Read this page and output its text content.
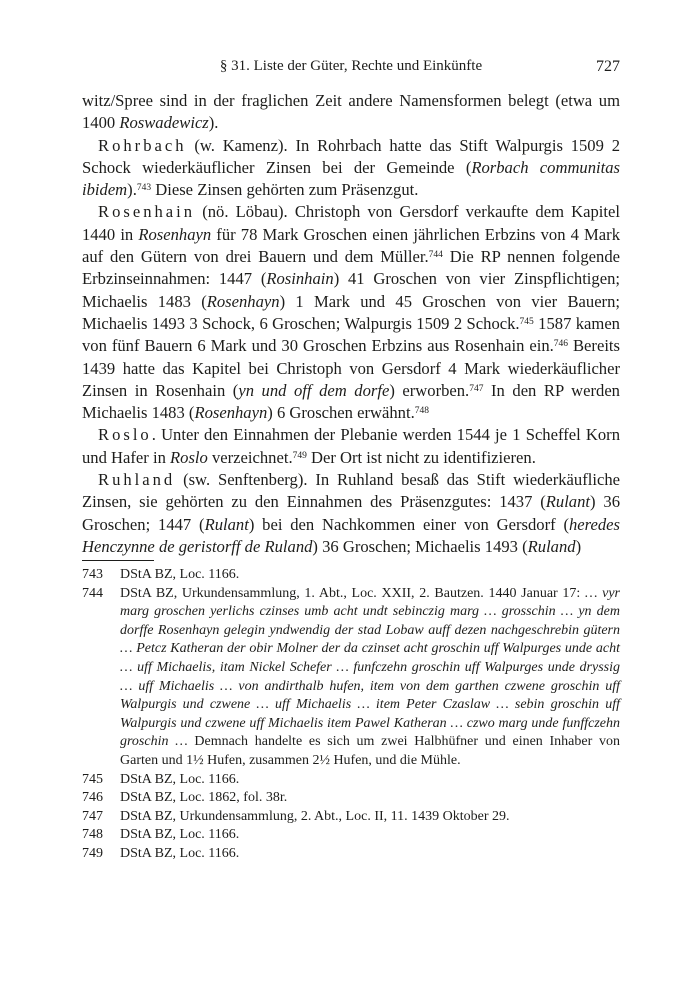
§ 31. Liste der Güter, Rechte und Einkünfte	727

witz/Spree sind in der fraglichen Zeit andere Namensformen belegt (etwa um 1400 Roswadewicz).

Rohrbach (w. Kamenz). In Rohrbach hatte das Stift Walpurgis 1509 2 Schock wiederkäuflicher Zinsen bei der Gemeinde (Rorbach communitas ibidem).$^{743}$ Diese Zinsen gehörten zum Präsenzgut.

Rosenhain (nö. Löbau). Christoph von Gersdorf verkaufte dem Kapitel 1440 in Rosenhayn für 78 Mark Groschen einen jährlichen Erbzins von 4 Mark auf den Gütern von drei Bauern und dem Müller.$^{744}$ Die RP nennen folgende Erbzinseinnahmen: 1447 (Rosinhain) 41 Groschen von vier Zinspflichtigen; Michaelis 1483 (Rosenhayn) 1 Mark und 45 Groschen von vier Bauern; Michaelis 1493 3 Schock, 6 Groschen; Walpurgis 1509 2 Schock.$^{745}$ 1587 kamen von fünf Bauern 6 Mark und 30 Groschen Erbzins aus Rosenhain ein.$^{746}$ Bereits 1439 hatte das Kapitel bei Christoph von Gersdorf 4 Mark wiederkäuflicher Zinsen in Rosenhain (yn und off dem dorfe) erworben.$^{747}$ In den RP werden Michaelis 1483 (Rosenhayn) 6 Groschen erwähnt.$^{748}$

Roslo. Unter den Einnahmen der Plebanie werden 1544 je 1 Scheffel Korn und Hafer in Roslo verzeichnet.$^{749}$ Der Ort ist nicht zu identifizieren.

Ruhland (sw. Senftenberg). In Ruhland besaß das Stift wiederkäufliche Zinsen, sie gehörten zu den Einnahmen des Präsenzgutes: 1437 (Rulant) 36 Groschen; 1447 (Rulant) bei den Nachkommen einer von Gersdorf (heredes Henczynne de geristorff de Ruland) 36 Groschen; Michaelis 1493 (Ruland)

743 DStA BZ, Loc. 1166.
744 DStA BZ, Urkundensammlung, 1. Abt., Loc. XXII, 2. Bautzen. 1440 Januar 17: … vyr marg groschen yerlichs czinses umb acht undt sebinczig marg … grosschin … yn dem dorffe Rosenhayn gelegin yndwendig der stad Lobaw auff dezen nachgeschrebin gütern … Petcz Katheran der obir Molner der da czinset acht groschin uff Walpurges unde acht … uff Michaelis, itam Nickel Schefer … funfczehn groschin uff Walpurges unde dryssig … uff Michaelis … von andirthalb hufen, item von dem garthen czwene groschin uff Walpurgis und czwene … uff Michaelis … item Peter Czaslaw … sebin groschin uff Walpurgis und czwene uff Michaelis item Pawel Katheran … czwo marg unde funffczehn groschin … Demnach handelte es sich um zwei Halbhüfner und einen Inhaber von Garten und 1½ Hufen, zusammen 2½ Hufen, und die Mühle.
745 DStA BZ, Loc. 1166.
746 DStA BZ, Loc. 1862, fol. 38r.
747 DStA BZ, Urkundensammlung, 2. Abt., Loc. II, 11. 1439 Oktober 29.
748 DStA BZ, Loc. 1166.
749 DStA BZ, Loc. 1166.
